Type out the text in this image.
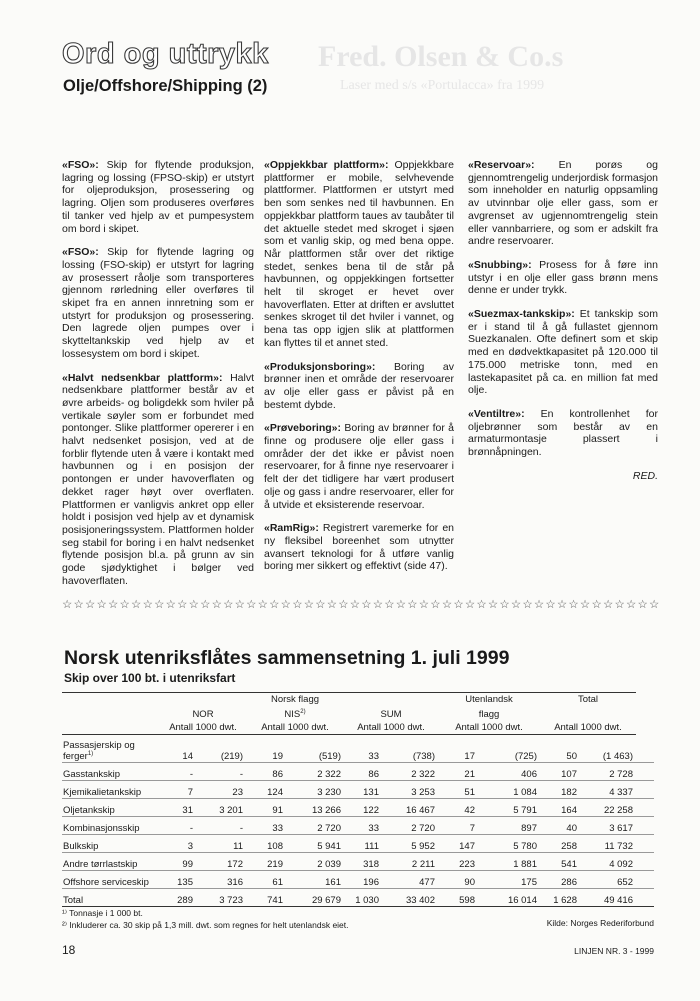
Fred. Olsen & Co.s
Laser med s/s «Portulacca» fra 1999
Ord og uttrykk
Olje/Offshore/Shipping (2)

«FSO»: Skip for flytende produksjon, lagring og lossing (FPSO-skip) er utstyrt for oljeproduksjon, prosessering og lagring. Oljen som produseres overføres til tanker ved hjelp av et pumpesystem om bord i skipet.

«FSO»: Skip for flytende lagring og lossing (FSO-skip) er utstyrt for lagring av prosessert råolje som transporteres gjennom rørledning eller overføres til skipet fra en annen innretning som er utstyrt for produksjon og prosessering. Den lagrede oljen pumpes over i skytteltankskip ved hjelp av et lossesystem om bord i skipet.

«Halvt nedsenkbar plattform»: Halvt nedsenkbare plattformer består av et øvre arbeids- og boligdekk som hviler på vertikale søyler som er forbundet med pontonger. Slike plattformer opererer i en halvt nedsenket posisjon, ved at de forblir flytende uten å være i kontakt med havbunnen og i en posisjon der pontongen er under havoverflaten og dekket rager høyt over overflaten. Plattformen er vanligvis ankret opp eller holdt i posisjon ved hjelp av et dynamisk posisjoneringssystem. Plattformen holder seg stabil for boring i en halvt nedsenket flytende posisjon bl.a. på grunn av sin gode sjødyktighet i bølger ved havoverflaten.

«Oppjekkbar plattform»: Oppjekkbare plattformer er mobile, selvhevende plattformer. Plattformen er utstyrt med ben som senkes ned til havbunnen. En oppjekkbar plattform taues av taubåter til det aktuelle stedet med skroget i sjøen som et vanlig skip, og med bena oppe. Når plattformen står over det riktige stedet, senkes bena til de står på havbunnen, og oppjekkingen fortsetter helt til skroget er hevet over havoverflaten. Etter at driften er avsluttet senkes skroget til det hviler i vannet, og bena tas opp igjen slik at plattformen kan flyttes til et annet sted.

«Produksjonsboring»: Boring av brønner inen et område der reservoarer av olje eller gass er påvist på en bestemt dybde.

«Prøveboring»: Boring av brønner for å finne og produsere olje eller gass i områder der det ikke er påvist noen reservoarer, for å finne nye reservoarer i felt der det tidligere har vært produsert olje og gass i andre reservoarer, eller for å utvide et eksisterende reservoar.

«RamRig»: Registrert varemerke for en ny fleksibel boreenhet som utnytter avansert teknologi for å utføre vanlig boring mer sikkert og effektivt (side 47).

«Reservoar»: En porøs og gjennomtrengelig underjordisk formasjon som inneholder en naturlig oppsamling av utvinnbar olje eller gass, som er avgrenset av ugjennomtrengelig stein eller vannbarriere, og som er adskilt fra andre reservoarer.

«Snubbing»: Prosess for å føre inn utstyr i en olje eller gass brønn mens denne er under trykk.

«Suezmax-tankskip»: Et tankskip som er i stand til å gå fullastet gjennom Suezkanalen. Ofte definert som et skip med en dødvektkapasitet på 120.000 til 175.000 metriske tonn, med en lastekapasitet på ca. en million fat med olje.

«Ventiltre»: En kontrollenhet for oljebrønner som består av en armaturmontasje plassert i brønnåpningen.

RED.

☆☆☆☆☆☆☆☆☆☆☆☆☆☆☆☆☆☆☆☆☆☆☆☆☆☆☆☆☆☆☆☆☆☆☆☆☆☆☆☆☆☆☆☆☆☆☆☆☆☆☆☆
Norsk utenriksflåtes sammensetning 1. juli 1999
Skip over 100 bt. i utenriksfart
			Norsk flagg				Utenlandsk		Total		
	NOR		NIS$^{2)}$		SUM		flagg				
	Antall 1000 dwt.		Antall 1000 dwt.		Antall 1000 dwt.		Antall 1000 dwt.		Antall 1000 dwt.		
Passasjerskip og
ferger$^{1)}$	14	(219)	19	(519)	33	(738)	17	(725)	50	(1 463)	
Gasstankskip	-	-	86	2 322	86	2 322	21	406	107	2 728	
Kjemikalietankskip	7	23	124	3 230	131	3 253	51	1 084	182	4 337	
Oljetankskip	31	3 201	91	13 266	122	16 467	42	5 791	164	22 258	
Kombinasjonsskip	-	-	33	2 720	33	2 720	7	897	40	3 617	
Bulkskip	3	11	108	5 941	111	5 952	147	5 780	258	11 732	
Andre tørrlastskip	99	172	219	2 039	318	2 211	223	1 881	541	4 092	
Offshore serviceskip	135	316	61	161	196	477	90	175	286	652	
Total	289	3 723	741	29 679	1 030	33 402	598	16 014	1 628	49 416	
¹⁾ Tonnasje i 1 000 bt.
²⁾ Inkluderer ca. 30 skip på 1,3 mill. dwt. som regnes for helt utenlandsk eiet.	Kilde: Norges Rederiforbund
18	LINJEN NR. 3 - 1999
